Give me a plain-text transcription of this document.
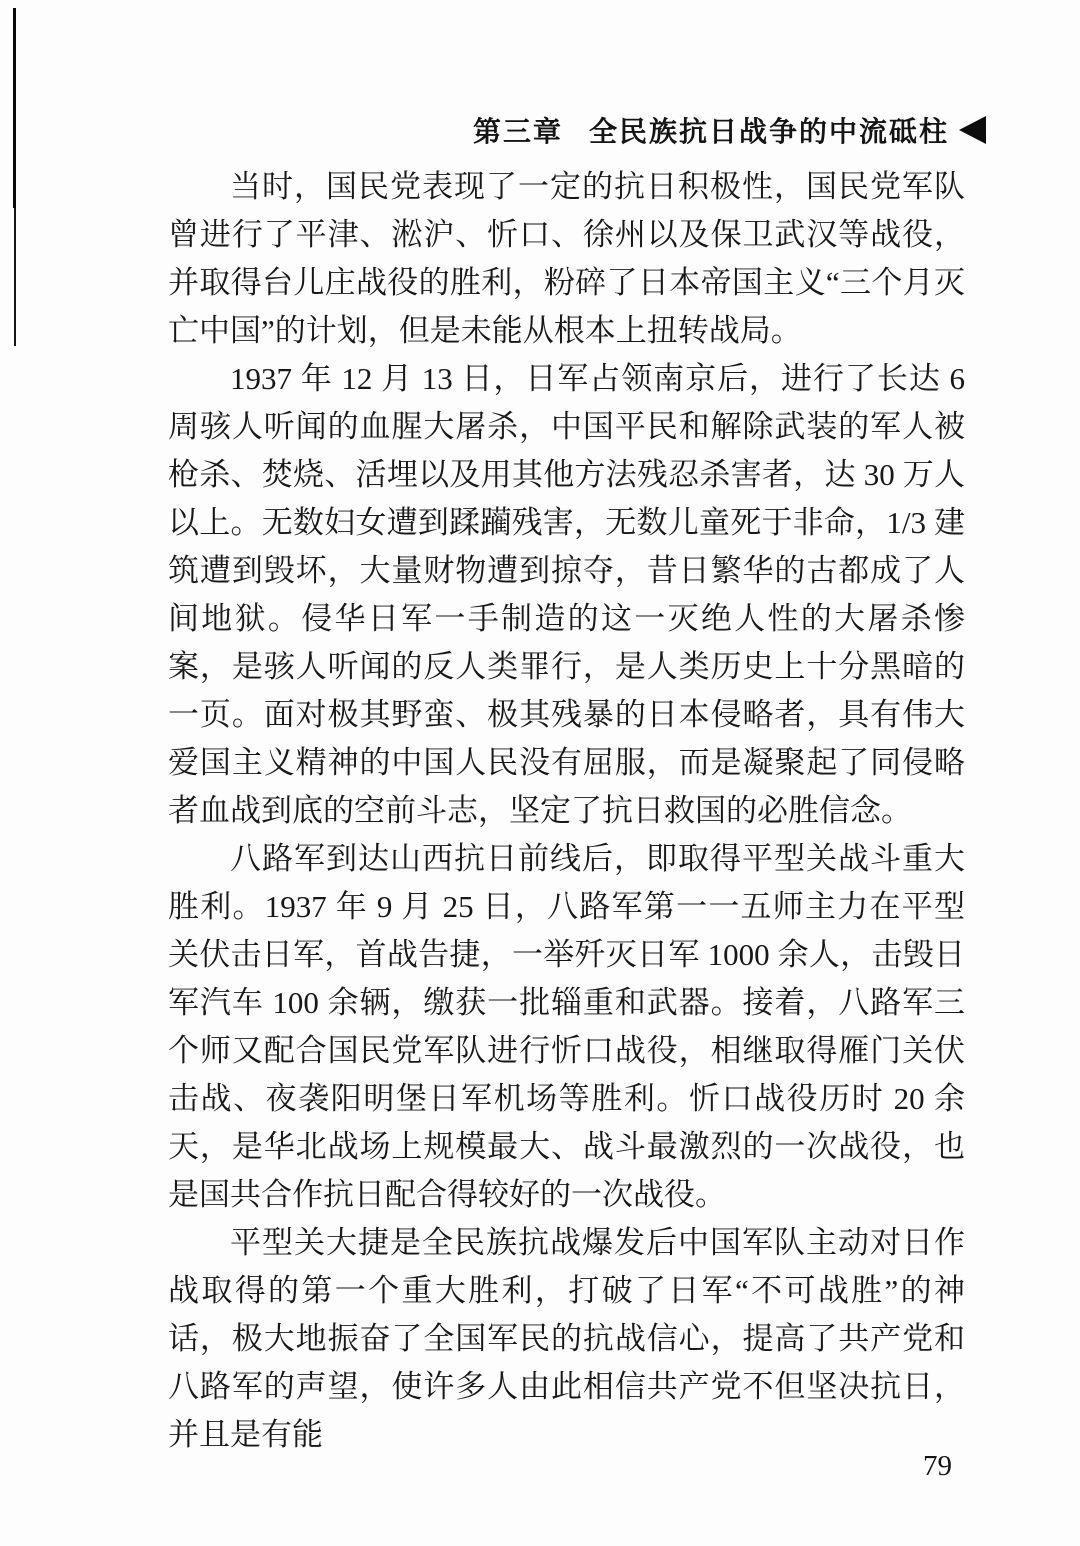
第三章 全民族抗日战争的中流砥柱

当时，国民党表现了一定的抗日积极性，国民党军队曾进行了平津、淞沪、忻口、徐州以及保卫武汉等战役，并取得台儿庄战役的胜利，粉碎了日本帝国主义“三个月灭亡中国”的计划，但是未能从根本上扭转战局。

1937 年 12 月 13 日，日军占领南京后，进行了长达 6 周骇人听闻的血腥大屠杀，中国平民和解除武装的军人被枪杀、焚烧、活埋以及用其他方法残忍杀害者，达 30 万人以上。无数妇女遭到蹂躏残害，无数儿童死于非命，1/3 建筑遭到毁坏，大量财物遭到掠夺，昔日繁华的古都成了人间地狱。侵华日军一手制造的这一灭绝人性的大屠杀惨案，是骇人听闻的反人类罪行，是人类历史上十分黑暗的一页。面对极其野蛮、极其残暴的日本侵略者，具有伟大爱国主义精神的中国人民没有屈服，而是凝聚起了同侵略者血战到底的空前斗志，坚定了抗日救国的必胜信念。

八路军到达山西抗日前线后，即取得平型关战斗重大胜利。1937 年 9 月 25 日，八路军第一一五师主力在平型关伏击日军，首战告捷，一举歼灭日军 1000 余人，击毁日军汽车 100 余辆，缴获一批辎重和武器。接着，八路军三个师又配合国民党军队进行忻口战役，相继取得雁门关伏击战、夜袭阳明堡日军机场等胜利。忻口战役历时 20 余天，是华北战场上规模最大、战斗最激烈的一次战役，也是国共合作抗日配合得较好的一次战役。

平型关大捷是全民族抗战爆发后中国军队主动对日作战取得的第一个重大胜利，打破了日军“不可战胜”的神话，极大地振奋了全国军民的抗战信心，提高了共产党和八路军的声望，使许多人由此相信共产党不但坚决抗日，并且是有能

79
